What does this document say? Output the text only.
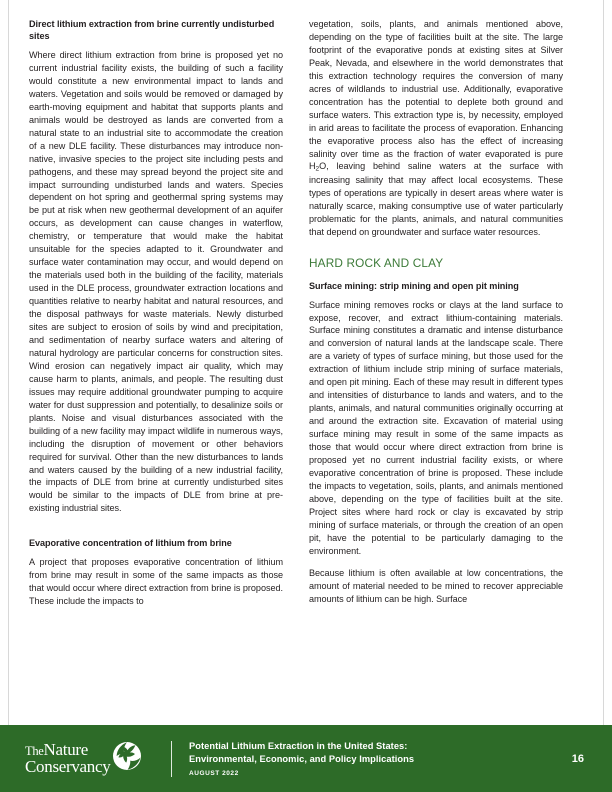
Direct lithium extraction from brine currently undisturbed sites

Where direct lithium extraction from brine is proposed yet no current industrial facility exists, the building of such a facility would constitute a new environmental impact to lands and waters. Vegetation and soils would be removed or damaged by earth-moving equipment and habitat that supports plants and animals would be destroyed as lands are converted from a natural state to an industrial site to accommodate the creation of a new DLE facility. These disturbances may introduce non-native, invasive species to the project site including pests and pathogens, and these may spread beyond the project site and impact surrounding undisturbed lands and waters. Species dependent on hot spring and geothermal spring systems may be put at risk when new geothermal development of an aquifer occurs, as development can cause changes in waterflow, chemistry, or temperature that would make the habitat unsuitable for the species adapted to it. Groundwater and surface water contamination may occur, and would depend on the materials used both in the building of the facility, materials used in the DLE process, groundwater extraction locations and quantities relative to nearby habitat and natural resources, and the disposal pathways for waste materials. Newly disturbed sites are subject to erosion of soils by wind and precipitation, and sedimentation of nearby surface waters and altering of natural hydrology are particular concerns for construction sites. Wind erosion can negatively impact air quality, which may cause harm to plants, animals, and people. The resulting dust issues may require additional groundwater pumping to acquire water for dust suppression and potentially, to desalinize soils or plants. Noise and visual disturbances associated with the building of a new facility may impact wildlife in numerous ways, including the disruption of movement or other behaviors required for survival. Other than the new disturbances to lands and waters caused by the building of a new industrial facility, the impacts of DLE from brine at currently undisturbed sites would be similar to the impacts of DLE from brine at pre-existing industrial sites.

Evaporative concentration of lithium from brine

A project that proposes evaporative concentration of lithium from brine may result in some of the same impacts as those that would occur where direct extraction from brine is proposed. These include the impacts to

vegetation, soils, plants, and animals mentioned above, depending on the type of facilities built at the site. The large footprint of the evaporative ponds at existing sites at Silver Peak, Nevada, and elsewhere in the world demonstrates that this extraction technology requires the conversion of many acres of wildlands to industrial use. Additionally, evaporative concentration has the potential to deplete both ground and surface waters. This extraction type is, by necessity, employed in arid areas to facilitate the process of evaporation. Enhancing the evaporative process also has the effect of increasing salinity over time as the fraction of water evaporated is pure $H_2O$, leaving behind saline waters at the surface with increasing salinity that may affect local ecosystems. These types of operations are typically in desert areas where water is naturally scarce, making consumptive use of water particularly problematic for the plants, animals, and natural communities that depend on groundwater and surface water resources.

HARD ROCK AND CLAY
Surface mining: strip mining and open pit mining

Surface mining removes rocks or clays at the land surface to expose, recover, and extract lithium-containing materials. Surface mining constitutes a dramatic and intense disturbance and conversion of natural lands at the landscape scale. There are a variety of types of surface mining, but those used for the extraction of lithium include strip mining of surface materials, and open pit mining. Each of these may result in different types and intensities of disturbance to lands and waters, and to the plants, animals, and natural communities originally occurring at and around the extraction site. Excavation of material using surface mining may result in some of the same impacts as those that would occur where direct extraction from brine is proposed yet no current industrial facility exists, or where evaporative concentration of brine is proposed. These include the impacts to vegetation, soils, plants, and animals mentioned above, depending on the type of facilities built at the site. Project sites where hard rock or clay is excavated by strip mining of surface materials, or through the creation of an open pit, have the potential to be particularly damaging to the environment.

Because lithium is often available at low concentrations, the amount of material needed to be mined to recover appreciable amounts of lithium can be high. Surface

TheNature
Conservancy
Potential Lithium Extraction in the United States:
Environmental, Economic, and Policy Implications
AUGUST 2022
16
